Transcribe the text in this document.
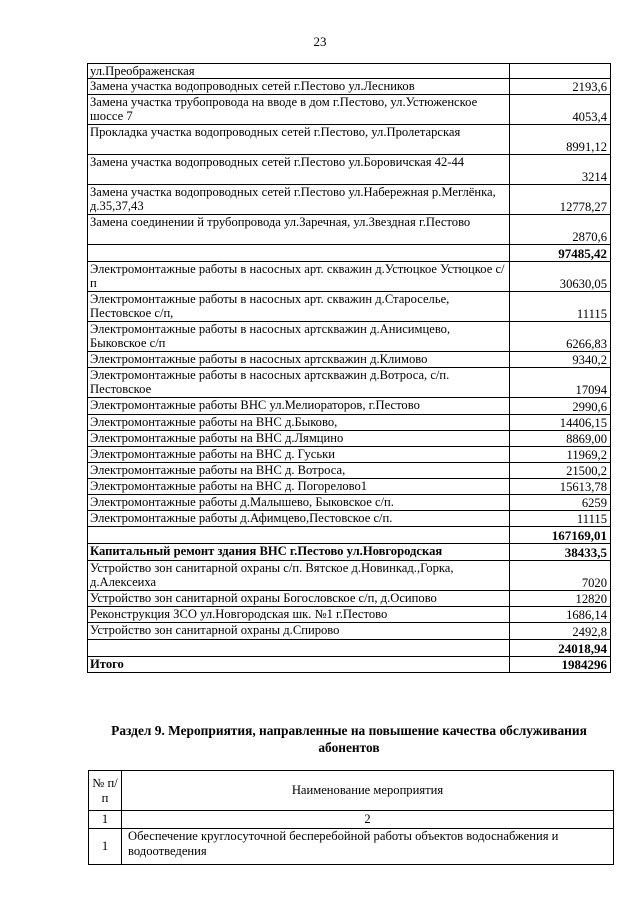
23
ул.Преображенская	
Замена участка водопроводных сетей г.Пестово ул.Лесников	2193,6
Замена участка трубопровода на вводе в дом г.Пестово, ул.Устюженское шоссе 7	4053,4
Прокладка участка водопроводных сетей г.Пестово, ул.Пролетарская	8991,12
Замена участка водопроводных сетей г.Пестово ул.Боровичская 42-44	3214
Замена участка водопроводных сетей г.Пестово ул.Набережная р.Меглёнка, д.35,37,43	12778,27
Замена соединении й трубопровода ул.Заречная, ул.Звездная г.Пестово	2870,6
	97485,42
Электромонтажные работы в насосных арт. скважин д.Устюцкое Устюцкое с/п	30630,05
Электромонтажные работы в насосных арт. скважин д.Староселье, Пестовское с/п,	11115
Электромонтажные работы в насосных артскважин д.Анисимцево, Быковское с/п	6266,83
Электромонтажные работы в насосных артскважин д.Климово	9340,2
Электромонтажные работы в насосных артскважин д.Вотроса, с/п. Пестовское	17094
Электромонтажные работы ВНС ул.Мелиораторов, г.Пестово	2990,6
Электромонтажные работы на ВНС д.Быково,	14406,15
Электромонтажные работы на ВНС д.Лямцино	8869,00
Электромонтажные работы на ВНС д. Гуськи	11969,2
Электромонтажные работы на ВНС д. Вотроса,	21500,2
Электромонтажные работы на ВНС д. Погорелово1	15613,78
Электромонтажные работы д.Малышево, Быковское с/п.	6259
Электромонтажные работы д.Афимцево,Пестовское с/п.	11115
	167169,01
Капитальный ремонт здания ВНС г.Пестово ул.Новгородская	38433,5
Устройство зон санитарной охраны с/п. Вятское д.Новинкад.,Горка, д.Алексеиха	7020
Устройство зон санитарной охраны Богословское с/п, д.Осипово	12820
Реконструкция ЗСО ул.Новгородская шк. №1 г.Пестово	1686,14
Устройство зон санитарной охраны д.Спирово	2492,8
	24018,94
Итого	1984296
Раздел 9. Мероприятия, направленные на повышение качества обслуживания абонентов
№ п/п	Наименование мероприятия
1	2
1	Обеспечение круглосуточной бесперебойной работы объектов водоснабжения и водоотведения
